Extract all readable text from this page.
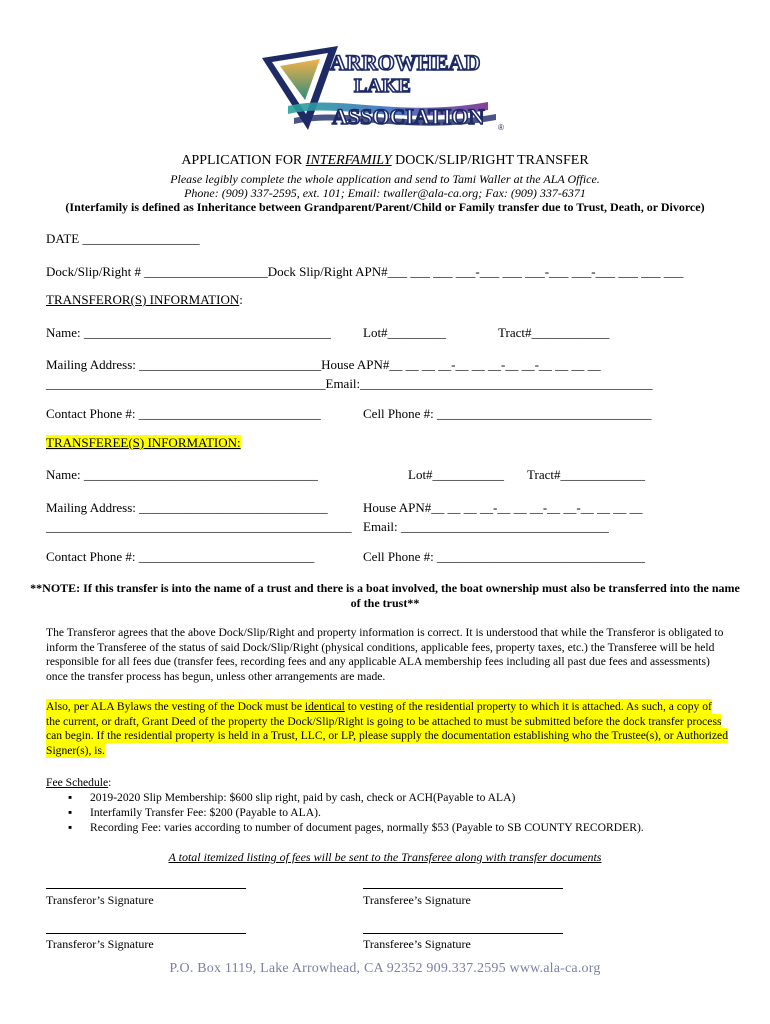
ARROWHEAD
LAKE
ASSOCIATION ®
APPLICATION FOR INTERFAMILY DOCK/SLIP/RIGHT TRANSFER
Please legibly complete the whole application and send to Tami Waller at the ALA Office.
Phone: (909) 337-2595, ext. 101; Email: twaller@ala-ca.org; Fax: (909) 337-6371
(Interfamily is defined as Inheritance between Grandparent/Parent/Child or Family transfer due to Trust, Death, or Divorce)
DATE __________________
Dock/Slip/Right # ___________________Dock Slip/Right APN#___ ___ ___ ___-___ ___ ___-___ ___-___ ___ ___ ___
TRANSFEROR(S) INFORMATION:
Name: ______________________________________ Lot#_________	Tract#____________
Mailing Address: ____________________________House APN#__ __ __ __-__ __ __-__ __-__ __ __ __
___________________________________________Email:_____________________________________________
Contact Phone #: ____________________________	Cell Phone #: _________________________________
TRANSFEREE(S) INFORMATION:
Name: ____________________________________	Lot#___________ Tract#_____________
Mailing Address: _____________________________	House APN#__ __ __ __-__ __ __-__ __-__ __ __ __
_______________________________________________ Email: ________________________________
Contact Phone #: ___________________________	Cell Phone #: ________________________________
**NOTE: If this transfer is into the name of a trust and there is a boat involved, the boat ownership must also be transferred into the name of the trust**
The Transferor agrees that the above Dock/Slip/Right and property information is correct. It is understood that while the Transferor is obligated to inform the Transferee of the status of said Dock/Slip/Right (physical conditions, applicable fees, property taxes, etc.) the Transferee will be held responsible for all fees due (transfer fees, recording fees and any applicable ALA membership fees including all past due fees and assessments) once the transfer process has begun, unless other arrangements are made.
Also, per ALA Bylaws the vesting of the Dock must be identical to vesting of the residential property to which it is attached. As such, a copy of the current, or draft, Grant Deed of the property the Dock/Slip/Right is going to be attached to must be submitted before the dock transfer process can begin. If the residential property is held in a Trust, LLC, or LP, please supply the documentation establishing who the Trustee(s), or Authorized Signer(s), is.
Fee Schedule:
▪ 2019-2020 Slip Membership: $600 slip right, paid by cash, check or ACH(Payable to ALA)
▪ Interfamily Transfer Fee: $200 (Payable to ALA).
▪ Recording Fee: varies according to number of document pages, normally $53 (Payable to SB COUNTY RECORDER).
A total itemized listing of fees will be sent to the Transferee along with transfer documents
Transferor’s Signature	Transferee’s Signature
Transferor’s Signature	Transferee’s Signature
P.O. Box 1119, Lake Arrowhead, CA 92352 909.337.2595 www.ala-ca.org
